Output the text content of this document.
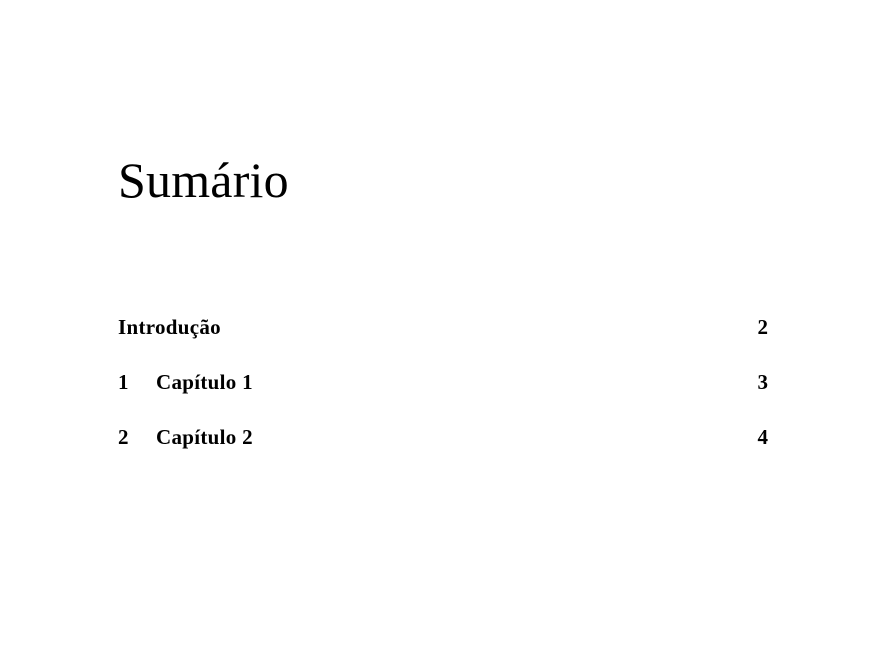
Sumário
Introdução	2
1 Capítulo 1	3
2 Capítulo 2	4
